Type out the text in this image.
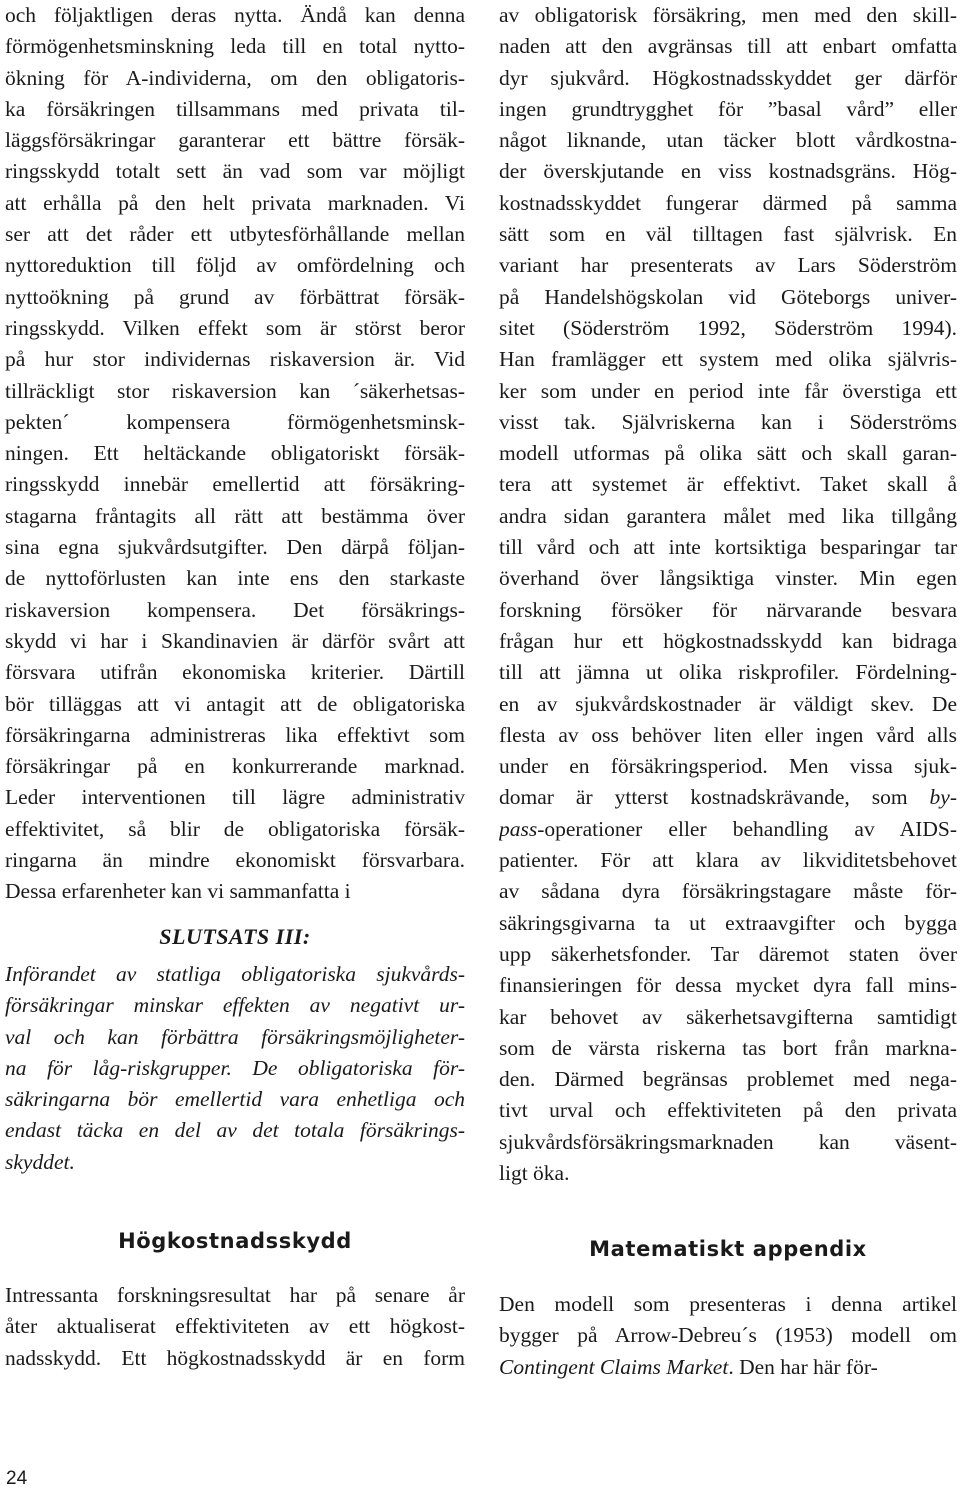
och följaktligen deras nytta. Ändå kan denna
förmögenhetsminskning leda till en total nytto-
ökning för A-individerna, om den obligatoris-
ka försäkringen tillsammans med privata til-
läggsförsäkringar garanterar ett bättre försäk-
ringsskydd totalt sett än vad som var möjligt
att erhålla på den helt privata marknaden. Vi
ser att det råder ett utbytesförhållande mellan
nyttoreduktion till följd av omfördelning och
nyttoökning på grund av förbättrat försäk-
ringsskydd. Vilken effekt som är störst beror
på hur stor individernas riskaversion är. Vid
tillräckligt stor riskaversion kan ´säkerhetsas-
pekten´ kompensera förmögenhetsminsk-
ningen. Ett heltäckande obligatoriskt försäk-
ringsskydd innebär emellertid att försäkring-
stagarna fråntagits all rätt att bestämma över
sina egna sjukvårdsutgifter. Den därpå följan-
de nyttoförlusten kan inte ens den starkaste
riskaversion kompensera. Det försäkrings-
skydd vi har i Skandinavien är därför svårt att
försvara utifrån ekonomiska kriterier. Därtill
bör tilläggas att vi antagit att de obligatoriska
försäkringarna administreras lika effektivt som
försäkringar på en konkurrerande marknad.
Leder interventionen till lägre administrativ
effektivitet, så blir de obligatoriska försäk-
ringarna än mindre ekonomiskt försvarbara.
Dessa erfarenheter kan vi sammanfatta i
SLUTSATS III:
Införandet av statliga obligatoriska sjukvårds-
försäkringar minskar effekten av negativt ur-
val och kan förbättra försäkringsmöjligheter-
na för låg-riskgrupper. De obligatoriska för-
säkringarna bör emellertid vara enhetliga och
endast täcka en del av det totala försäkrings-
skyddet.
av obligatorisk försäkring, men med den skill-
naden att den avgränsas till att enbart omfatta
dyr sjukvård. Högkostnadsskyddet ger därför
ingen grundtrygghet för ”basal vård” eller
något liknande, utan täcker blott vårdkostna-
der överskjutande en viss kostnadsgräns. Hög-
kostnadsskyddet fungerar därmed på samma
sätt som en väl tilltagen fast självrisk. En
variant har presenterats av Lars Söderström
på Handelshögskolan vid Göteborgs univer-
sitet (Söderström 1992, Söderström 1994).
Han framlägger ett system med olika självris-
ker som under en period inte får överstiga ett
visst tak. Självriskerna kan i Söderströms
modell utformas på olika sätt och skall garan-
tera att systemet är effektivt. Taket skall å
andra sidan garantera målet med lika tillgång
till vård och att inte kortsiktiga besparingar tar
överhand över långsiktiga vinster. Min egen
forskning försöker för närvarande besvara
frågan hur ett högkostnadsskydd kan bidraga
till att jämna ut olika riskprofiler. Fördelning-
en av sjukvårdskostnader är väldigt skev. De
flesta av oss behöver liten eller ingen vård alls
under en försäkringsperiod. Men vissa sjuk-
domar är ytterst kostnadskrävande, som by-
pass-operationer eller behandling av AIDS-
patienter. För att klara av likviditetsbehovet
av sådana dyra försäkringstagare måste för-
säkringsgivarna ta ut extraavgifter och bygga
upp säkerhetsfonder. Tar däremot staten över
finansieringen för dessa mycket dyra fall mins-
kar behovet av säkerhetsavgifterna samtidigt
som de värsta riskerna tas bort från markna-
den. Därmed begränsas problemet med nega-
tivt urval och effektiviteten på den privata
sjukvårdsförsäkringsmarknaden kan väsent-
ligt öka.
Högkostnadsskydd
Intressanta forskningsresultat har på senare år
åter aktualiserat effektiviteten av ett högkost-
nadsskydd. Ett högkostnadsskydd är en form
Matematiskt appendix
Den modell som presenteras i denna artikel
bygger på Arrow-Debreu´s (1953) modell om
Contingent Claims Market. Den har här för-
24
